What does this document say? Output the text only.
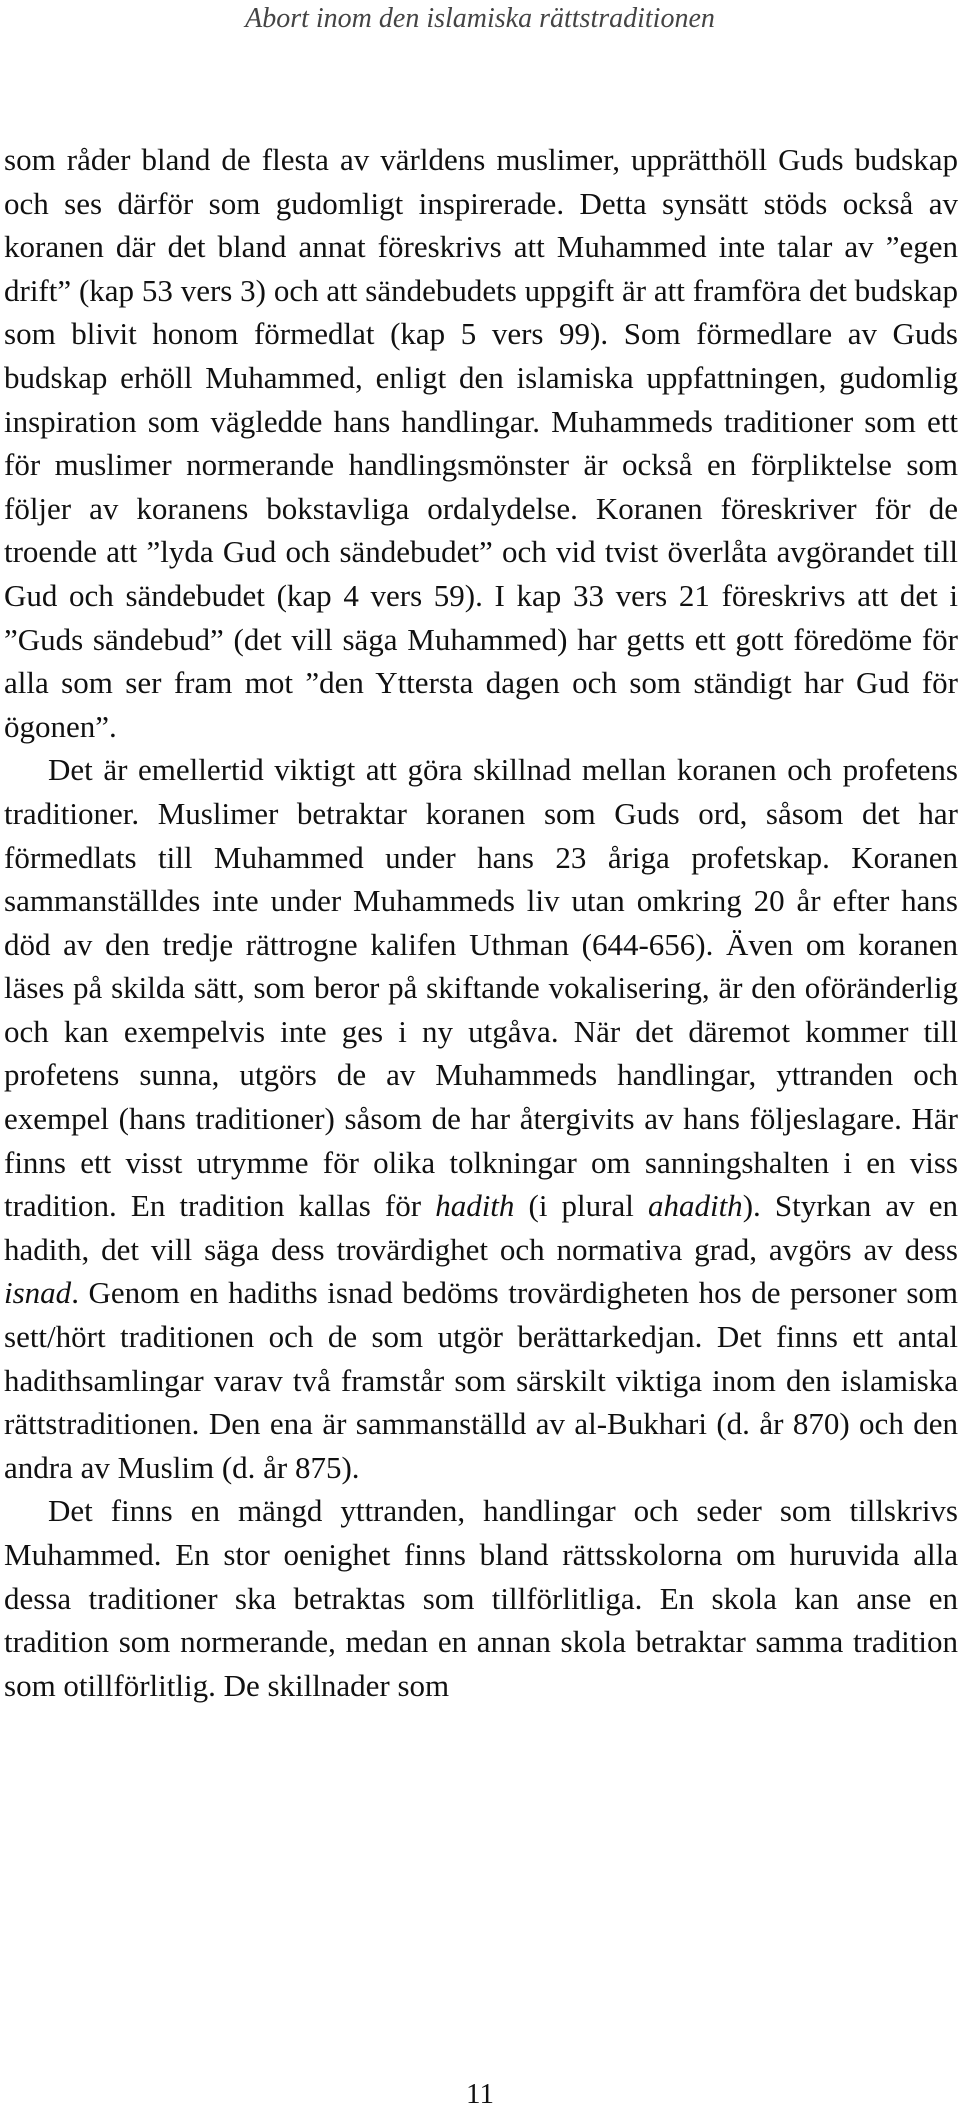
Abort inom den islamiska rättstraditionen

som råder bland de flesta av världens muslimer, upprätthöll Guds budskap och ses därför som gudomligt inspirerade. Detta synsätt stöds också av koranen där det bland annat föreskrivs att Muhammed inte talar av ”egen drift” (kap 53 vers 3) och att sändebudets uppgift är att framföra det budskap som blivit honom förmedlat (kap 5 vers 99). Som förmedlare av Guds budskap erhöll Muhammed, enligt den islamiska uppfattningen, gudomlig inspiration som vägledde hans handlingar. Muhammeds traditioner som ett för muslimer normerande handlingsmönster är också en förpliktelse som följer av koranens bokstavliga ordalydelse. Koranen föreskriver för de troende att ”lyda Gud och sändebudet” och vid tvist överlåta avgörandet till Gud och sändebudet (kap 4 vers 59). I kap 33 vers 21 föreskrivs att det i ”Guds sändebud” (det vill säga Muhammed) har getts ett gott föredöme för alla som ser fram mot ”den Yttersta dagen och som ständigt har Gud för ögonen”.

Det är emellertid viktigt att göra skillnad mellan koranen och profetens traditioner. Muslimer betraktar koranen som Guds ord, såsom det har förmedlats till Muhammed under hans 23 åriga profetskap. Koranen sammanställdes inte under Muhammeds liv utan omkring 20 år efter hans död av den tredje rättrogne kalifen Uthman (644-656). Även om koranen läses på skilda sätt, som beror på skiftande vokalisering, är den oföränderlig och kan exempelvis inte ges i ny utgåva. När det däremot kommer till profetens sunna, utgörs de av Muhammeds handlingar, yttranden och exempel (hans traditioner) såsom de har återgivits av hans följeslagare. Här finns ett visst utrymme för olika tolkningar om sanningshalten i en viss tradition. En tradition kallas för hadith (i plural ahadith). Styrkan av en hadith, det vill säga dess trovärdighet och normativa grad, avgörs av dess isnad. Genom en hadiths isnad bedöms trovärdigheten hos de personer som sett/hört traditionen och de som utgör berättarkedjan. Det finns ett antal hadithsamlingar varav två framstår som särskilt viktiga inom den islamiska rättstraditionen. Den ena är sammanställd av al-Bukhari (d. år 870) och den andra av Muslim (d. år 875).

Det finns en mängd yttranden, handlingar och seder som tillskrivs Muhammed. En stor oenighet finns bland rättsskolorna om huruvida alla dessa traditioner ska betraktas som tillförlitliga. En skola kan anse en tradition som normerande, medan en annan skola betraktar samma tradition som otillförlitlig. De skillnader som

11
